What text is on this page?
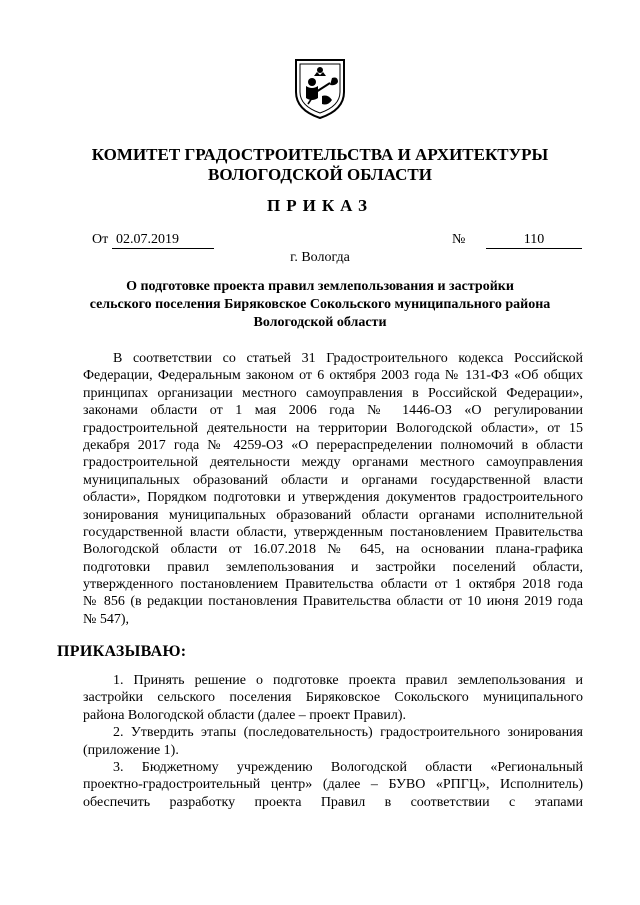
КОМИТЕТ ГРАДОСТРОИТЕЛЬСТВА И АРХИТЕКТУРЫ
ВОЛОГОДСКОЙ ОБЛАСТИ
ПРИКАЗ
От 02.07.2019	№	110
г. Вологда
О подготовке проекта правил землепользования и застройки
сельского поселения Биряковское Сокольского муниципального района
Вологодской области
В соответствии со статьей 31 Градостроительного кодекса Российской
Федерации, Федеральным законом от 6 октября 2003 года № 131-ФЗ «Об общих
принципах организации местного самоуправления в Российской Федерации»,
законами области от 1 мая 2006 года № 1446-ОЗ «О регулировании
градостроительной деятельности на территории Вологодской области», от 15
декабря 2017 года № 4259-ОЗ «О перераспределении полномочий в области
градостроительной деятельности между органами местного самоуправления
муниципальных образований области и органами государственной власти
области», Порядком подготовки и утверждения документов градостроительного
зонирования муниципальных образований области органами исполнительной
государственной власти области, утвержденным постановлением Правительства
Вологодской области от 16.07.2018 № 645, на основании плана-графика
подготовки правил землепользования и застройки поселений области,
утвержденного постановлением Правительства области от 1 октября 2018 года
№ 856 (в редакции постановления Правительства области от 10 июня 2019 года
№ 547),
ПРИКАЗЫВАЮ:
1. Принять решение о подготовке проекта правил землепользования и
застройки сельского поселения Биряковское Сокольского муниципального
района Вологодской области (далее – проект Правил).
2. Утвердить этапы (последовательность) градостроительного зонирования
(приложение 1).
3. Бюджетному учреждению Вологодской области «Региональный
проектно-градостроительный центр» (далее – БУВО «РПГЦ», Исполнитель)
обеспечить разработку проекта Правил в соответствии с этапами
